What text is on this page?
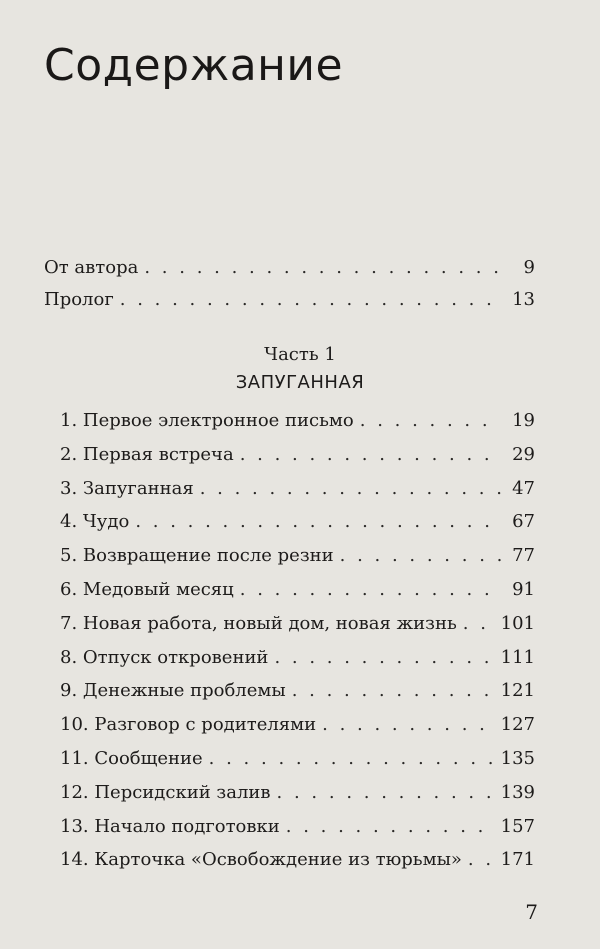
Содержание
От автора . . .	9
Пролог . . .	13
Часть 1
ЗАПУГАННАЯ
1. Первое электронное письмо . . .	19
2. Первая встреча . . .	29
3. Запуганная . . .	47
4. Чудо . . .	67
5. Возвращение после резни . . .	77
6. Медовый месяц . . .	91
7. Новая работа, новый дом, новая жизнь . . . 101
8. Отпуск откровений . . .	111
9. Денежные проблемы . . .	121
10. Разговор с родителями . . .	127
11. Сообщение . . .	135
12. Персидский залив . . .	139
13. Начало подготовки . . .	157
14. Карточка «Освобождение из тюрьмы» . . . 171
7
